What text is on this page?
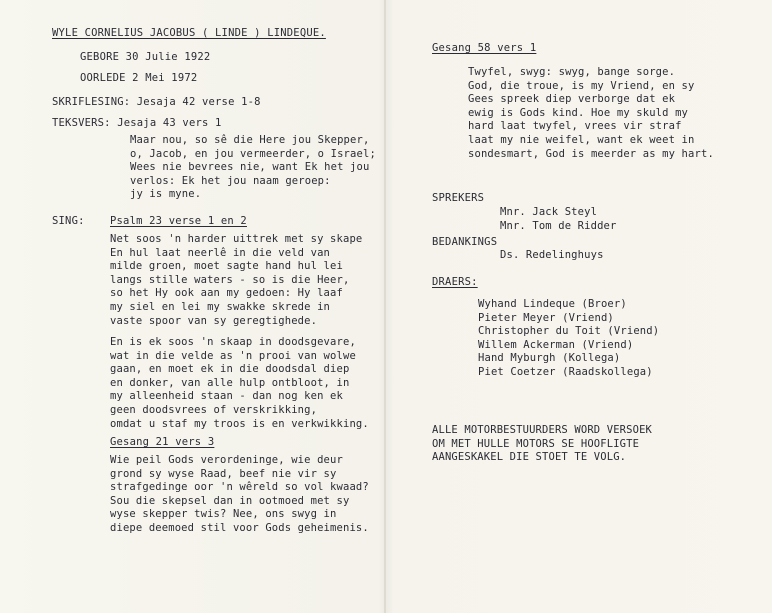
WYLE CORNELIUS JACOBUS ( LINDE ) LINDEQUE.
GEBORE 30 Julie 1922
OORLEDE 2 Mei 1972
SKRIFLESING: Jesaja 42 verse 1-8
TEKSVERS: Jesaja 43 vers 1
Maar nou, so sê die Here jou Skepper,
o, Jacob, en jou vermeerder, o Israel;
Wees nie bevrees nie, want Ek het jou
verlos: Ek het jou naam geroep:
jy is myne.
SING: Psalm 23 verse 1 en 2
Net soos 'n harder uittrek met sy skape
En hul laat neerlê in die veld van
milde groen, moet sagte hand hul lei
langs stille waters - so is die Heer,
so het Hy ook aan my gedoen: Hy laaf
my siel en lei my swakke skrede in
vaste spoor van sy geregtighede.
En is ek soos 'n skaap in doodsgevare,
wat in die velde as 'n prooi van wolwe
gaan, en moet ek in die doodsdal diep
en donker, van alle hulp ontbloot, in
my alleenheid staan - dan nog ken ek
geen doodsvrees of verskrikking,
omdat u staf my troos is en verkwikking.
Gesang 21 vers 3
Wie peil Gods verordeninge, wie deur
grond sy wyse Raad, beef nie vir sy
strafgedinge oor 'n wêreld so vol kwaad?
Sou die skepsel dan in ootmoed met sy
wyse skepper twis? Nee, ons swyg in
diepe deemoed stil voor Gods geheimenis.
Gesang 58 vers 1
Twyfel, swyg: swyg, bange sorge.
God, die troue, is my Vriend, en sy
Gees spreek diep verborge dat ek
ewig is Gods kind. Hoe my skuld my
hard laat twyfel, vrees vir straf
laat my nie weifel, want ek weet in
sondesmart, God is meerder as my hart.
SPREKERS
Mnr. Jack Steyl
Mnr. Tom de Ridder
BEDANKINGS
Ds. Redelinghuys
DRAERS:
Wyhand Lindeque (Broer)
Pieter Meyer (Vriend)
Christopher du Toit (Vriend)
Willem Ackerman (Vriend)
Hand Myburgh (Kollega)
Piet Coetzer (Raadskollega)
ALLE MOTORBESTUURDERS WORD VERSOEK
OM MET HULLE MOTORS SE HOOFLIGTE
AANGESKAKEL DIE STOET TE VOLG.
